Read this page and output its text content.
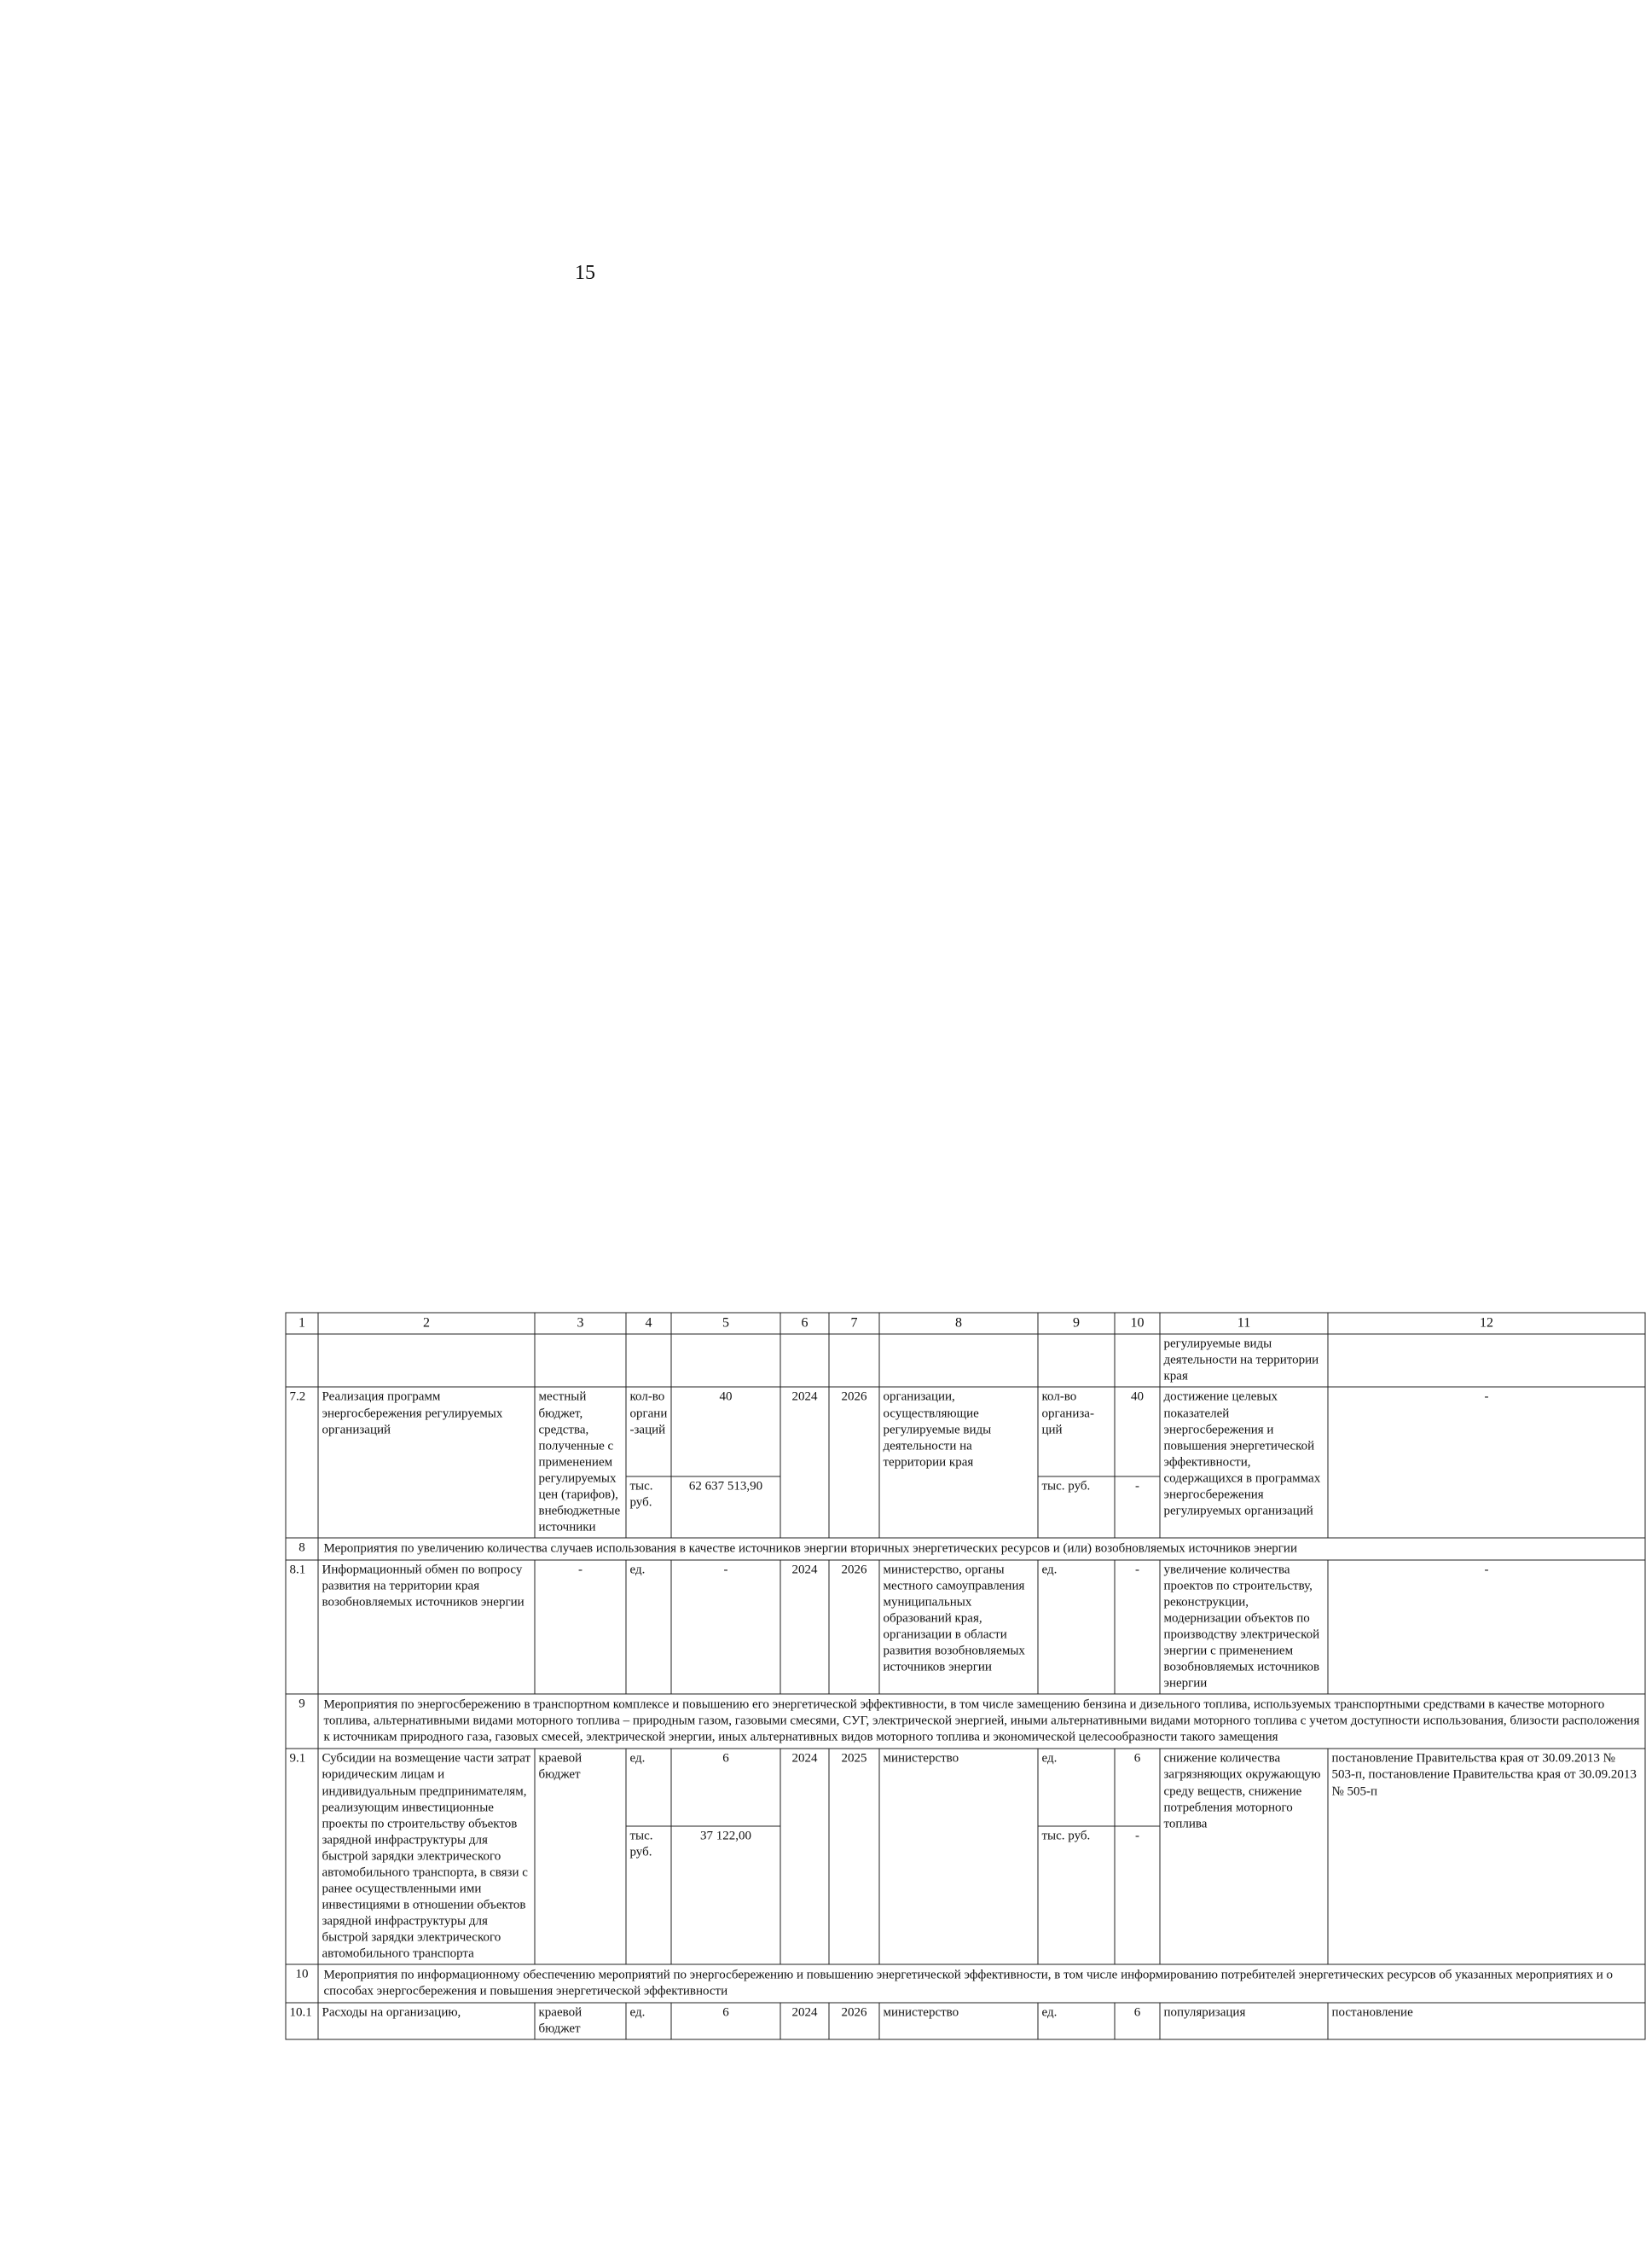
15
1	2	3	4	5	6	7	8	9	10	11	12
										регулируемые виды деятельности на территории края	
7.2	Реализация программ энергосбережения регулируемых организаций	местный бюджет, средства, полученные с применением регулируемых цен (тарифов), внебюджетные источники	кол-во органи-заций	40	2024	2026	организации, осуществляющие регулируемые виды деятельности на территории края	кол-во организа-ций	40	достижение целевых показателей энергосбережения и повышения энергетической эффективности, содержащихся в программах энергосбережения регулируемых организаций	-
			тыс. руб.	62 637 513,90				тыс. руб.	-		
8	Мероприятия по увеличению количества случаев использования в качестве источников энергии вторичных энергетических ресурсов и (или) возобновляемых источников энергии										
8.1	Информационный обмен по вопросу развития на территории края возобновляемых источников энергии	-	ед.	-	2024	2026	министерство, органы местного самоуправления муниципальных образований края, организации в области развития возобновляемых источников энергии	ед.	-	увеличение количества проектов по строительству, реконструкции, модернизации объектов по производству электрической энергии с применением возобновляемых источников энергии	-
9	Мероприятия по энергосбережению в транспортном комплексе и повышению его энергетической эффективности, в том числе замещению бензина и дизельного топлива, используемых транспортными средствами в качестве моторного топлива, альтернативными видами моторного топлива – природным газом, газовыми смесями, СУГ, электрической энергией, иными альтернативными видами моторного топлива с учетом доступности использования, близости расположения к источникам природного газа, газовых смесей, электрической энергии, иных альтернативных видов моторного топлива и экономической целесообразности такого замещения										
9.1	Субсидии на возмещение части затрат юридическим лицам и индивидуальным предпринимателям, реализующим инвестиционные проекты по строительству объектов зарядной инфраструктуры для быстрой зарядки электрического автомобильного транспорта, в связи с ранее осуществленными ими инвестициями в отношении объектов зарядной инфраструктуры для быстрой зарядки электрического автомобильного транспорта	краевой бюджет	ед.	6	2024	2025	министерство	ед.	6	снижение количества загрязняющих окружающую среду веществ, снижение потребления моторного топлива	постановление Правительства края от 30.09.2013 № 503-п, постановление Правительства края от 30.09.2013 № 505-п
			тыс. руб.	37 122,00				тыс. руб.	-		
10	Мероприятия по информационному обеспечению мероприятий по энергосбережению и повышению энергетической эффективности, в том числе информированию потребителей энергетических ресурсов об указанных мероприятиях и о способах энергосбережения и повышения энергетической эффективности										
10.1	Расходы на организацию,	краевой бюджет	ед.	6	2024	2026	министерство	ед.	6	популяризация	постановление
